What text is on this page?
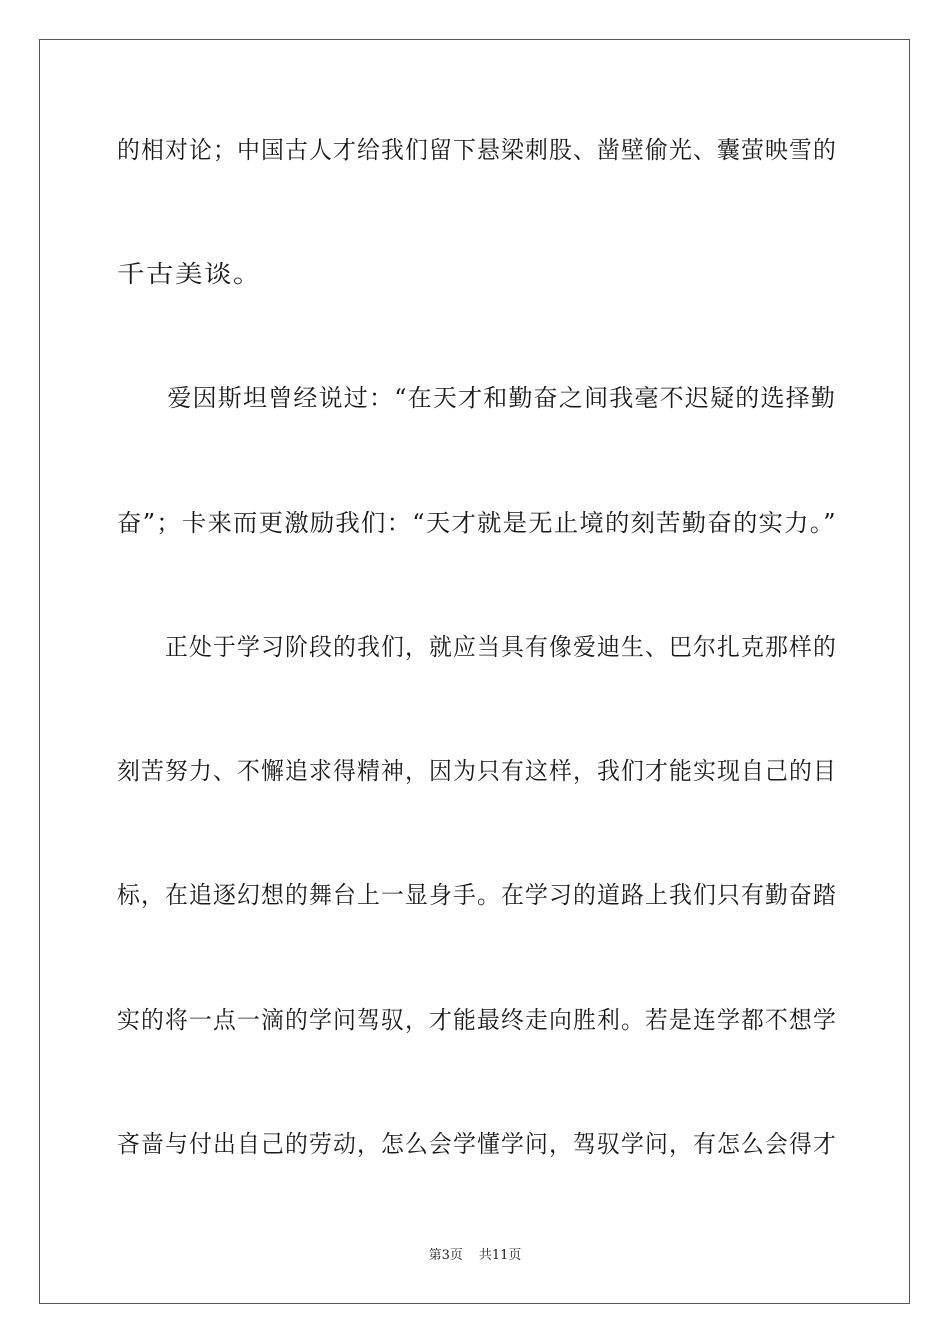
的相对论；中国古人才给我们留下悬梁刺股、凿壁偷光、囊萤映雪的
千古美谈。
　　爱因斯坦曾经说过：“在天才和勤奋之间我毫不迟疑的选择勤
奋”；卡来而更激励我们：“天才就是无止境的刻苦勤奋的实力。”
　　正处于学习阶段的我们，就应当具有像爱迪生、巴尔扎克那样的
刻苦努力、不懈追求得精神，因为只有这样，我们才能实现自己的目
标，在追逐幻想的舞台上一显身手。在学习的道路上我们只有勤奋踏
实的将一点一滴的学问驾驭，才能最终走向胜利。若是连学都不想学
吝啬与付出自己的劳动，怎么会学懂学问，驾驭学问，有怎么会得才
第3页 共11页
